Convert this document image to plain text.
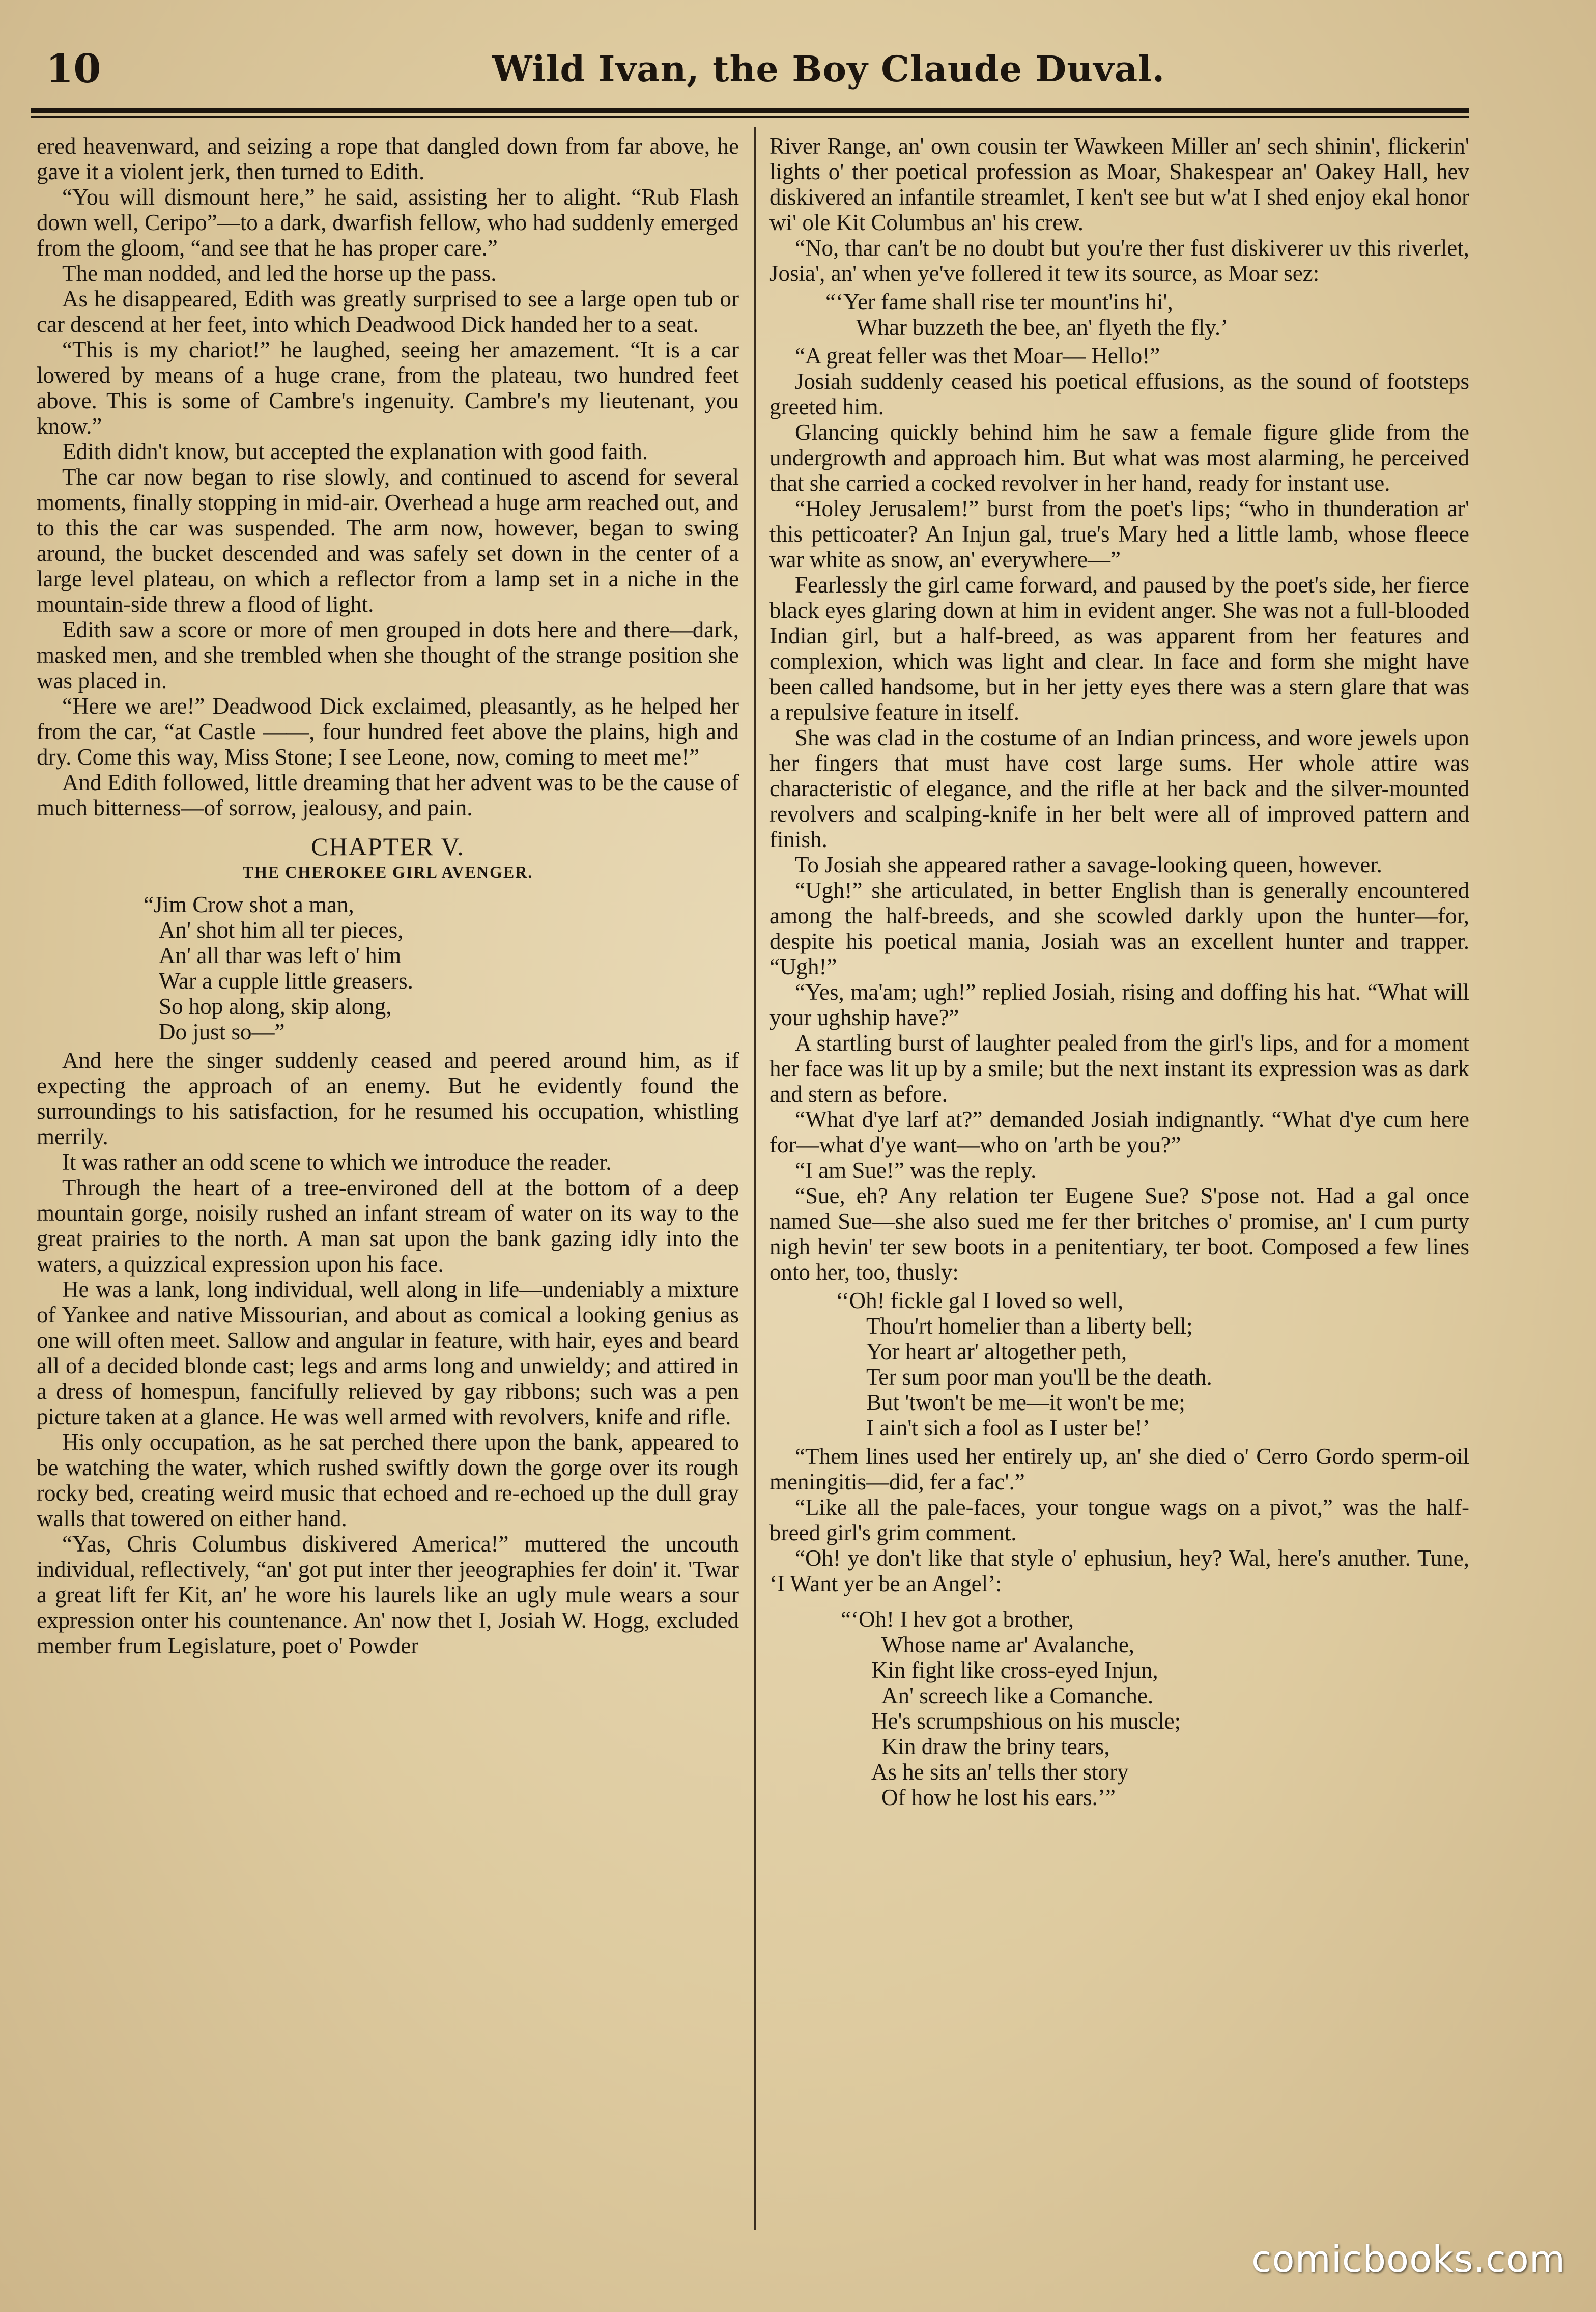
10	Wild Ivan, the Boy Claude Duval.

ered heavenward, and seizing a rope that dangled down from far above, he gave it a violent jerk, then turned to Edith.

“You will dismount here,” he said, assisting her to alight. “Rub Flash down well, Ceripo”—to a dark, dwarfish fellow, who had suddenly emerged from the gloom, “and see that he has proper care.”

The man nodded, and led the horse up the pass.

As he disappeared, Edith was greatly surprised to see a large open tub or car descend at her feet, into which Deadwood Dick handed her to a seat.

“This is my chariot!” he laughed, seeing her amazement. “It is a car lowered by means of a huge crane, from the plateau, two hundred feet above. This is some of Cambre's ingenuity. Cambre's my lieutenant, you know.”

Edith didn't know, but accepted the explanation with good faith.

The car now began to rise slowly, and continued to ascend for several moments, finally stopping in mid-air. Overhead a huge arm reached out, and to this the car was suspended. The arm now, however, began to swing around, the bucket descended and was safely set down in the center of a large level plateau, on which a reflector from a lamp set in a niche in the mountain-side threw a flood of light.

Edith saw a score or more of men grouped in dots here and there—dark, masked men, and she trembled when she thought of the strange position she was placed in.

“Here we are!” Deadwood Dick exclaimed, pleasantly, as he helped her from the car, “at Castle ——, four hundred feet above the plains, high and dry. Come this way, Miss Stone; I see Leone, now, coming to meet me!”

And Edith followed, little dreaming that her advent was to be the cause of much bitterness—of sorrow, jealousy, and pain.

CHAPTER V.
THE CHEROKEE GIRL AVENGER.
“Jim Crow shot a man,
An' shot him all ter pieces,
An' all thar was left o' him
War a cupple little greasers.
So hop along, skip along,
Do just so—”

And here the singer suddenly ceased and peered around him, as if expecting the approach of an enemy. But he evidently found the surroundings to his satisfaction, for he resumed his occupation, whistling merrily.

It was rather an odd scene to which we introduce the reader.

Through the heart of a tree-environed dell at the bottom of a deep mountain gorge, noisily rushed an infant stream of water on its way to the great prairies to the north. A man sat upon the bank gazing idly into the waters, a quizzical expression upon his face.

He was a lank, long individual, well along in life—undeniably a mixture of Yankee and native Missourian, and about as comical a looking genius as one will often meet. Sallow and angular in feature, with hair, eyes and beard all of a decided blonde cast; legs and arms long and unwieldy; and attired in a dress of homespun, fancifully relieved by gay ribbons; such was a pen picture taken at a glance. He was well armed with revolvers, knife and rifle.

His only occupation, as he sat perched there upon the bank, appeared to be watching the water, which rushed swiftly down the gorge over its rough rocky bed, creating weird music that echoed and re-echoed up the dull gray walls that towered on either hand.

“Yas, Chris Columbus diskivered America!” muttered the uncouth individual, reflectively, “an' got put inter ther jeeographies fer doin' it. 'Twar a great lift fer Kit, an' he wore his laurels like an ugly mule wears a sour expression onter his countenance. An' now thet I, Josiah W. Hogg, excluded member frum Legislature, poet o' Powder

River Range, an' own cousin ter Wawkeen Miller an' sech shinin', flickerin' lights o' ther poetical profession as Moar, Shakespear an' Oakey Hall, hev diskivered an infantile streamlet, I ken't see but w'at I shed enjoy ekal honor wi' ole Kit Columbus an' his crew.

“No, thar can't be no doubt but you're ther fust diskiverer uv this riverlet, Josia', an' when ye've follered it tew its source, as Moar sez:

“‘Yer fame shall rise ter mount'ins hi',
Whar buzzeth the bee, an' flyeth the fly.’

“A great feller was thet Moar— Hello!”

Josiah suddenly ceased his poetical effusions, as the sound of footsteps greeted him.

Glancing quickly behind him he saw a female figure glide from the undergrowth and approach him. But what was most alarming, he perceived that she carried a cocked revolver in her hand, ready for instant use.

“Holey Jerusalem!” burst from the poet's lips; “who in thunderation ar' this petticoater? An Injun gal, true's Mary hed a little lamb, whose fleece war white as snow, an' everywhere—”

Fearlessly the girl came forward, and paused by the poet's side, her fierce black eyes glaring down at him in evident anger. She was not a full-blooded Indian girl, but a half-breed, as was apparent from her features and complexion, which was light and clear. In face and form she might have been called handsome, but in her jetty eyes there was a stern glare that was a repulsive feature in itself.

She was clad in the costume of an Indian princess, and wore jewels upon her fingers that must have cost large sums. Her whole attire was characteristic of elegance, and the rifle at her back and the silver-mounted revolvers and scalping-knife in her belt were all of improved pattern and finish.

To Josiah she appeared rather a savage-looking queen, however.

“Ugh!” she articulated, in better English than is generally encountered among the half-breeds, and she scowled darkly upon the hunter—for, despite his poetical mania, Josiah was an excellent hunter and trapper. “Ugh!”

“Yes, ma'am; ugh!” replied Josiah, rising and doffing his hat. “What will your ughship have?”

A startling burst of laughter pealed from the girl's lips, and for a moment her face was lit up by a smile; but the next instant its expression was as dark and stern as before.

“What d'ye larf at?” demanded Josiah indignantly. “What d'ye cum here for—what d'ye want—who on 'arth be you?”

“I am Sue!” was the reply.

“Sue, eh? Any relation ter Eugene Sue? S'pose not. Had a gal once named Sue—she also sued me fer ther britches o' promise, an' I cum purty nigh hevin' ter sew boots in a penitentiary, ter boot. Composed a few lines onto her, too, thusly:

‘‘Oh! fickle gal I loved so well,
Thou'rt homelier than a liberty bell;
Yor heart ar' altogether peth,
Ter sum poor man you'll be the death.
But 'twon't be me—it won't be me;
I ain't sich a fool as I uster be!’

“Them lines used her entirely up, an' she died o' Cerro Gordo sperm-oil meningitis—did, fer a fac'.”

“Like all the pale-faces, your tongue wags on a pivot,” was the half-breed girl's grim comment.

“Oh! ye don't like that style o' ephusiun, hey? Wal, here's anuther. Tune, ‘I Want yer be an Angel’:

“‘Oh! I hev got a brother,
Whose name ar' Avalanche,
Kin fight like cross-eyed Injun,
An' screech like a Comanche.
He's scrumpshious on his muscle;
Kin draw the briny tears,
As he sits an' tells ther story
Of how he lost his ears.’”
comicbooks.com
